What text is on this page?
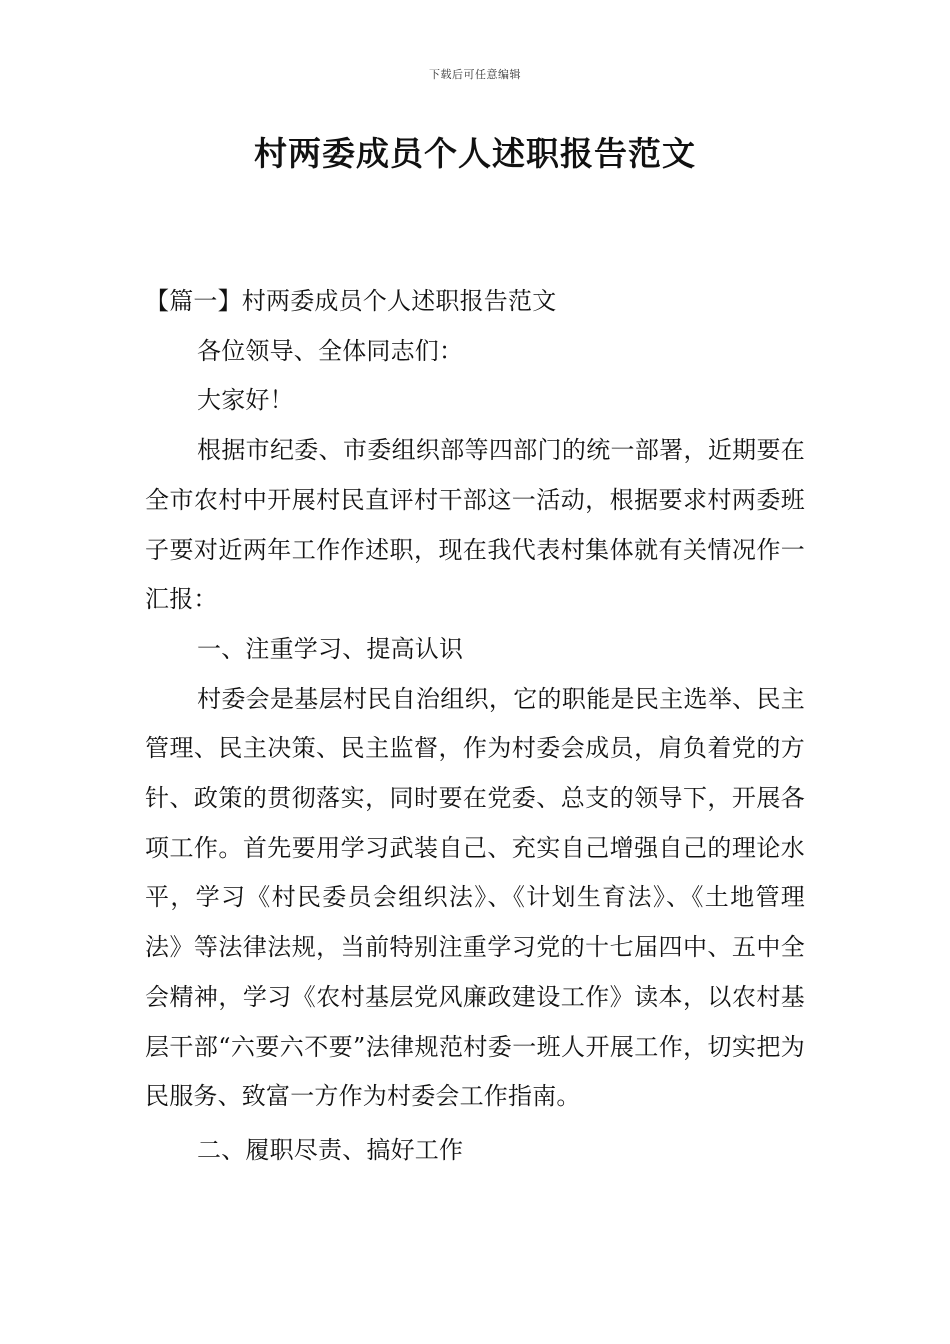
下载后可任意编辑
村两委成员个人述职报告范文

【篇一】村两委成员个人述职报告范文

各位领导、全体同志们：

大家好！

根据市纪委、市委组织部等四部门的统一部署，近期要在全市农村中开展村民直评村干部这一活动，根据要求村两委班子要对近两年工作作述职，现在我代表村集体就有关情况作一汇报：

一、注重学习、提高认识

村委会是基层村民自治组织，它的职能是民主选举、民主管理、民主决策、民主监督，作为村委会成员，肩负着党的方针、政策的贯彻落实，同时要在党委、总支的领导下，开展各项工作。首先要用学习武装自己、充实自己增强自己的理论水平，学习《村民委员会组织法》、《计划生育法》、《土地管理法》等法律法规，当前特别注重学习党的十七届四中、五中全会精神，学习《农村基层党风廉政建设工作》读本，以农村基层干部“六要六不要”法律规范村委一班人开展工作，切实把为民服务、致富一方作为村委会工作指南。

二、履职尽责、搞好工作
